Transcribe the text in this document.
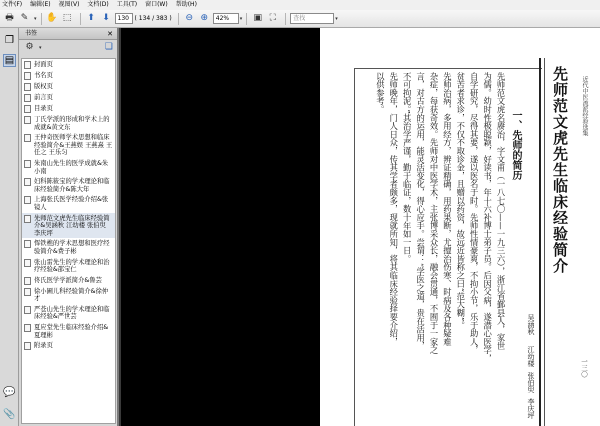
文件(F) 编辑(E) 视图(V) 文档(D) 工具(T) 窗口(W) 帮助(H)
🖶 ✎	▾ ✋ ⬚	⬆ ⬇	130 ( 134 / 383 )	⊖ ⊕	42%	▾ ▣ ⛶	查找	▾
❐
▤
💬
📎
书签	✕
⚙	▾	❏
封面页
书名页
版权页
前言页
目录页
丁氏学派的形成和学术上的成就&黄文东
王仲奇医师学术思想和临床经验简介&王燕娱 王燕熹 王任之 王乐匀
朱南山先生的医学成就&朱小南
妇科陈筱宝的学术理论和临床经验简介&陈大年
上海张氏医学经验介绍&张镜人
先师范文虎先生临床经验简介&吴涵秋 江幼楼 张伯臾 李庆坪
恽铁樵的学术思想和医疗经验简介&费子彬
张山雷先生的学术理论和治疗经验&邵宝仁
佟氏医学学派简介&鲁芸
徐小圃儿科经验简介&徐仲才
严苍山先生的学术理论和临床经验&严世芸
夏应堂先生临床经验介绍&夏理彬
附录页
近代中医流派经验选集
一三〇
先师范文虎先生临床经验简介
吴涵秋
江幼楼
张伯臾
李庆坪
一、先师的简历
先师范文虎名赓治，字文甫（一八七〇——一九三六），浙江省鄞县人，家世
为儒。幼时性极聪颖，好读书，年十六补博士弟子员。后因父病，遂潜心医学，
自学研究，尽得其要，遂以医名于时。先师性情豪爽，不拘小节，乐于助人，
贫苦者求诊，不仅不取诊金，且赠以药资，故远近皆称之曰“范大糊”。
先师治病，多用经方，辨证精确，用药果断，尤擅治伤寒、时病及各种疑难
杂症，每获奇效。先师对中医学术，主张博采众长，融会贯通，不囿于一家之
言，对古方的运用，能灵活变化，得心应手。尝谓：“学医之道，贵在活用，
不可拘泥。”其治学严谨，勤于临证，数十年如一日。
先师晚年，门人日众，传其学者颇多，现就所知，将其临床经验择要介绍，
以供参考。
